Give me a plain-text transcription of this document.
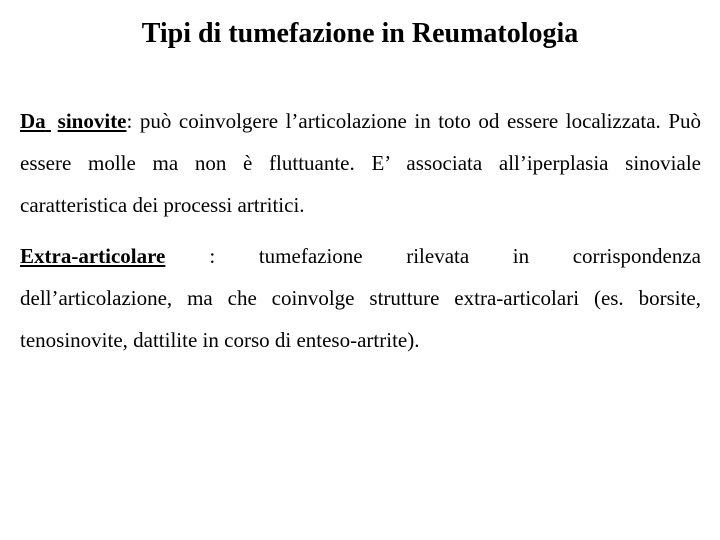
Tipi di tumefazione in Reumatologia

Da sinovite: può coinvolgere l’articolazione in toto od essere localizzata. Può essere molle ma non è fluttuante. E’ associata all’iperplasia sinoviale caratteristica dei processi artritici.

Extra-articolare : tumefazione rilevata in corrispondenza dell’articolazione, ma che coinvolge strutture extra-articolari (es. borsite, tenosinovite, dattilite in corso di enteso-artrite).
